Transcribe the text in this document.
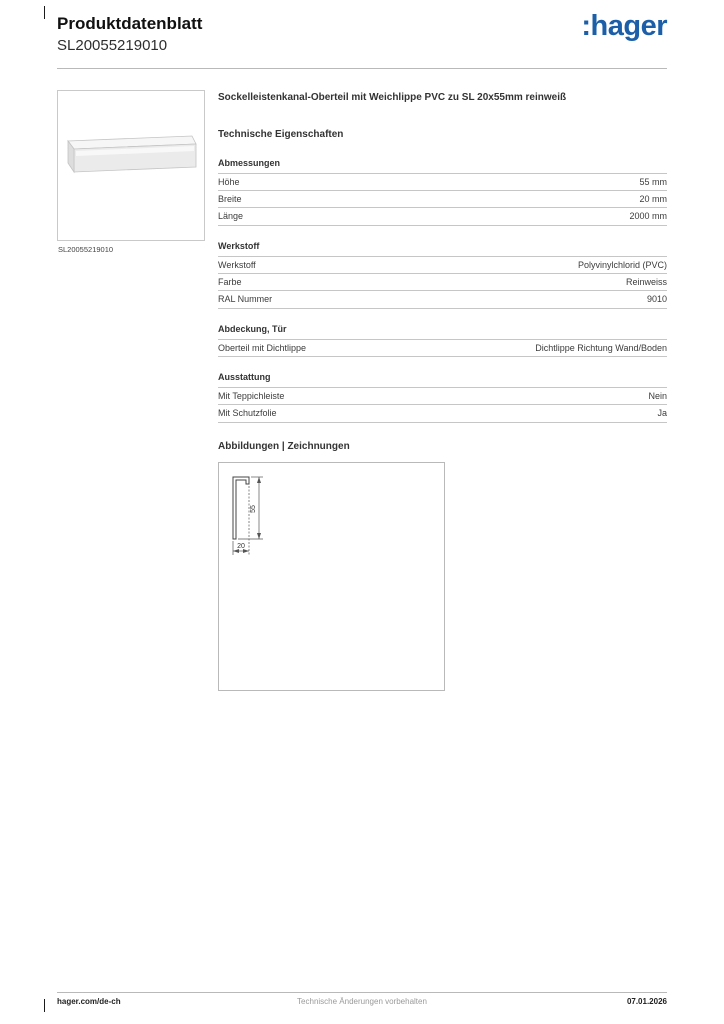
Produktdatenblatt
SL20055219010
:hager
SL20055219010
Sockelleistenkanal-Oberteil mit Weichlippe PVC zu SL 20x55mm reinweiß
Technische Eigenschaften
Abmessungen
Höhe	55 mm
Breite	20 mm
Länge	2000 mm
Werkstoff
Werkstoff	Polyvinylchlorid (PVC)
Farbe	Reinweiss
RAL Nummer	9010
Abdeckung, Tür
Oberteil mit Dichtlippe	Dichtlippe Richtung Wand/Boden
Ausstattung
Mit Teppichleiste	Nein
Mit Schutzfolie	Ja
Abbildungen | Zeichnungen
55
20
hager.com/de-ch	Technische Änderungen vorbehalten	07.01.2026
